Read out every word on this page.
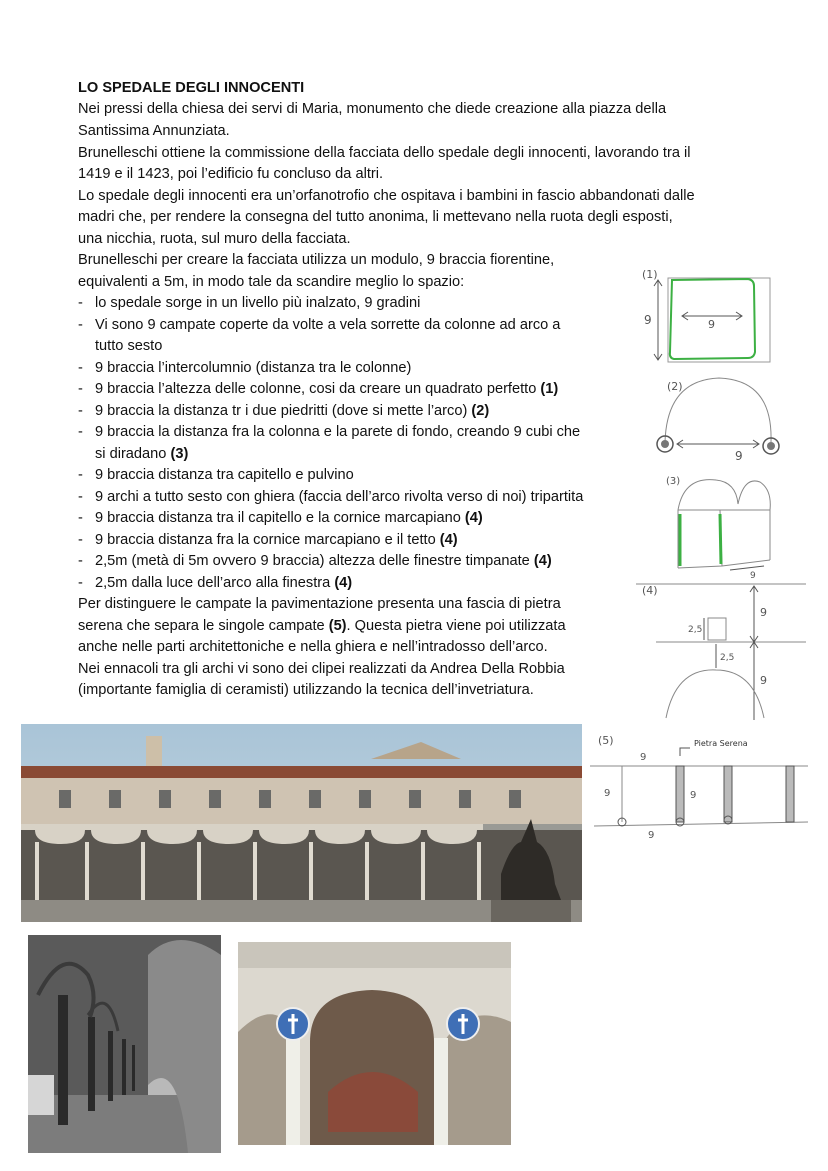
LO SPEDALE DEGLI INNOCENTI
Nei pressi della chiesa dei servi di Maria, monumento che diede creazione alla piazza della
Santissima Annunziata.
Brunelleschi ottiene la commissione della facciata dello spedale degli innocenti, lavorando tra il
1419 e il 1423, poi l’edificio fu concluso da altri.
Lo spedale degli innocenti era un’orfanotrofio che ospitava i bambini in fascio abbandonati dalle
madri che, per rendere la consegna del tutto anonima, li mettevano nella ruota degli esposti,
una nicchia, ruota, sul muro della facciata.
Brunelleschi per creare la facciata utilizza un modulo, 9 braccia fiorentine,
equivalenti a 5m, in modo tale da scandire meglio lo spazio:
- lo spedale sorge in un livello più inalzato, 9 gradini
- Vi sono 9 campate coperte da volte a vela sorrette da colonne ad arco a
tutto sesto
- 9 braccia l’intercolumnio (distanza tra le colonne)
- 9 braccia l’altezza delle colonne, cosi da creare un quadrato perfetto (1)
- 9 braccia la distanza tr i due piedritti (dove si mette l’arco) (2)
- 9 braccia la distanza fra la colonna e la parete di fondo, creando 9 cubi che
si diradano (3)
- 9 braccia distanza tra capitello e pulvino
- 9 archi a tutto sesto con ghiera (faccia dell’arco rivolta verso di noi) tripartita
- 9 braccia distanza tra il capitello e la cornice marcapiano (4)
- 9 braccia distanza fra la cornice marcapiano e il tetto (4)
- 2,5m (metà di 5m ovvero 9 braccia) altezza delle finestre timpanate (4)
- 2,5m dalla luce dell’arco alla finestra (4)
Per distinguere le campate la pavimentazione presenta una fascia di pietra
serena che separa le singole campate (5). Questa pietra viene poi utilizzata
anche nelle parti architettoniche e nella ghiera e nell’intradosso dell’arco.
Nei ennacoli tra gli archi vi sono dei clipei realizzati da Andrea Della Robbia
(importante famiglia di ceramisti) utilizzando la tecnica dell’invetriatura.
(1)
9	9
(2)
9
(3)
9
(4)
9
2,5
2,5
9
(5)	Pietra Serena
9
9	9
9
